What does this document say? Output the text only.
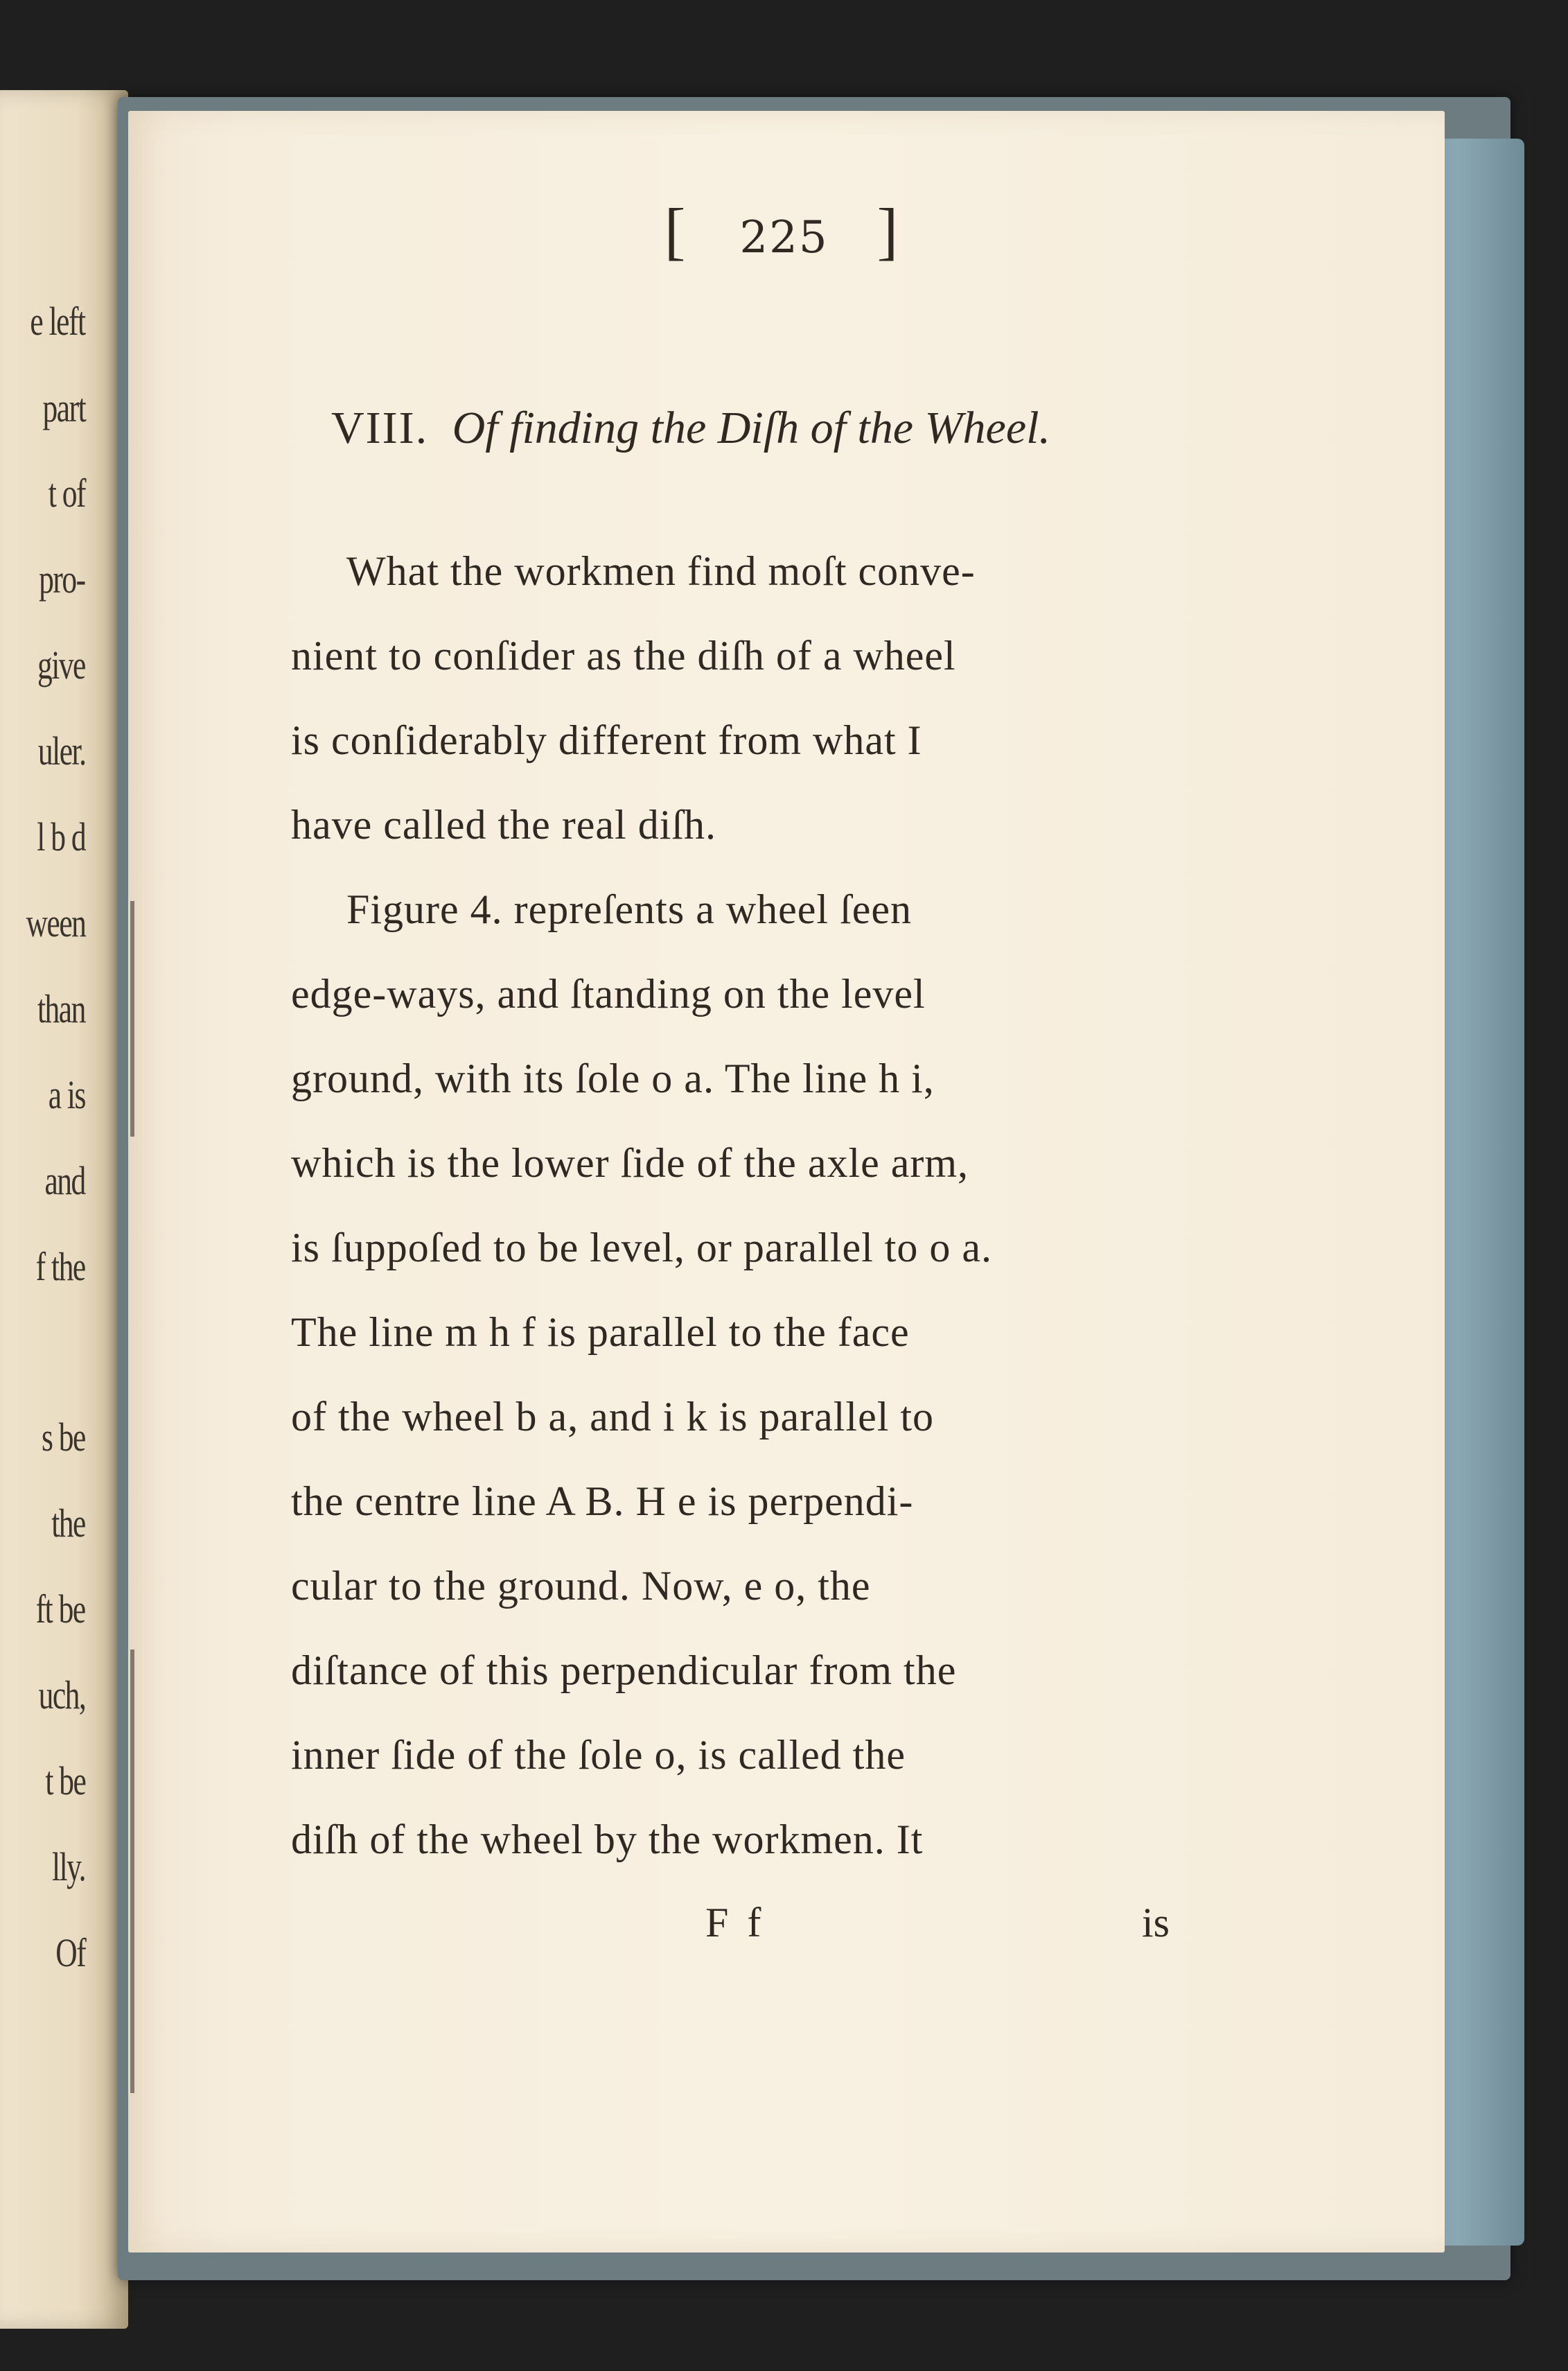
e left
part
t of
pro-
give
uler.
l b d
ween
than
a is
and
f the
s be
the
ft be
uch,
t be
lly.
Of
[ 225 ]
VIII. Of finding the Diſh of the Wheel.
What the workmen find moſt conve-
nient to conſider as the diſh of a wheel
is conſiderably different from what I
have called the real diſh.
Figure 4. repreſents a wheel ſeen
edge-ways, and ſtanding on the level
ground, with its ſole o a. The line h i,
which is the lower ſide of the axle arm,
is ſuppoſed to be level, or parallel to o a.
The line m h f is parallel to the face
of the wheel b a, and i k is parallel to
the centre line A B. H e is perpendi-
cular to the ground. Now, e o, the
diſtance of this perpendicular from the
inner ſide of the ſole o, is called the
diſh of the wheel by the workmen. It
F f	is
